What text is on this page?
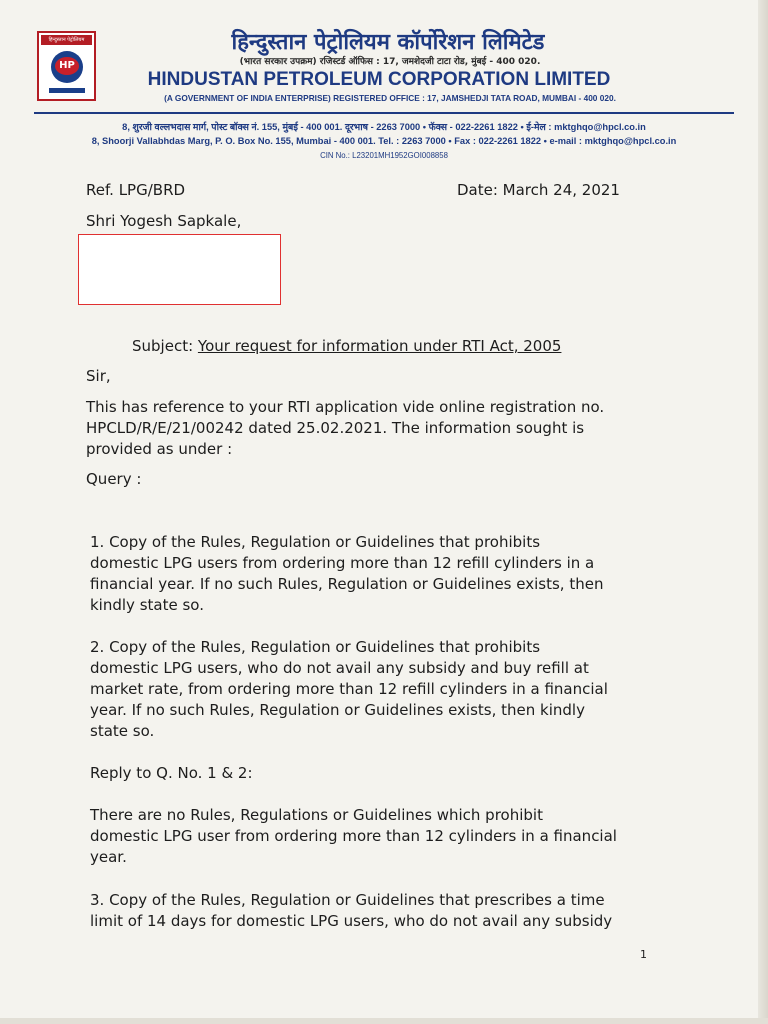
हिन्दुस्तान पेट्रोलियम
HP
हिन्दुस्तान पेट्रोलियम कॉर्पोरेशन लिमिटेड
(भारत सरकार उपक्रम) रजिस्टर्ड ऑफिस : 17, जमशेदजी टाटा रोड, मुंबई - 400 020.
HINDUSTAN PETROLEUM CORPORATION LIMITED
(A GOVERNMENT OF INDIA ENTERPRISE) REGISTERED OFFICE : 17, JAMSHEDJI TATA ROAD, MUMBAI - 400 020.
8, शुरजी वल्लभदास मार्ग, पोस्ट बॉक्स नं. 155, मुंबई - 400 001. दूरभाष - 2263 7000 • फॅक्स - 022-2261 1822 • ई-मेल : mktghqo@hpcl.co.in
8, Shoorji Vallabhdas Marg, P. O. Box No. 155, Mumbai - 400 001. Tel. : 2263 7000 • Fax : 022-2261 1822 • e-mail : mktghqo@hpcl.co.in
CIN No.: L23201MH1952GOI008858
Ref. LPG/BRD	Date: March 24, 2021
Shri Yogesh Sapkale,
Subject: Your request for information under RTI Act, 2005
Sir,
This has reference to your RTI application vide online registration no.
HPCLD/R/E/21/00242 dated 25.02.2021. The information sought is
provided as under :
Query :
1. Copy of the Rules, Regulation or Guidelines that prohibits
domestic LPG users from ordering more than 12 refill cylinders in a
financial year. If no such Rules, Regulation or Guidelines exists, then
kindly state so.
2. Copy of the Rules, Regulation or Guidelines that prohibits
domestic LPG users, who do not avail any subsidy and buy refill at
market rate, from ordering more than 12 refill cylinders in a financial
year. If no such Rules, Regulation or Guidelines exists, then kindly
state so.
Reply to Q. No. 1 & 2:
There are no Rules, Regulations or Guidelines which prohibit
domestic LPG user from ordering more than 12 cylinders in a financial
year.
3. Copy of the Rules, Regulation or Guidelines that prescribes a time
limit of 14 days for domestic LPG users, who do not avail any subsidy
1
